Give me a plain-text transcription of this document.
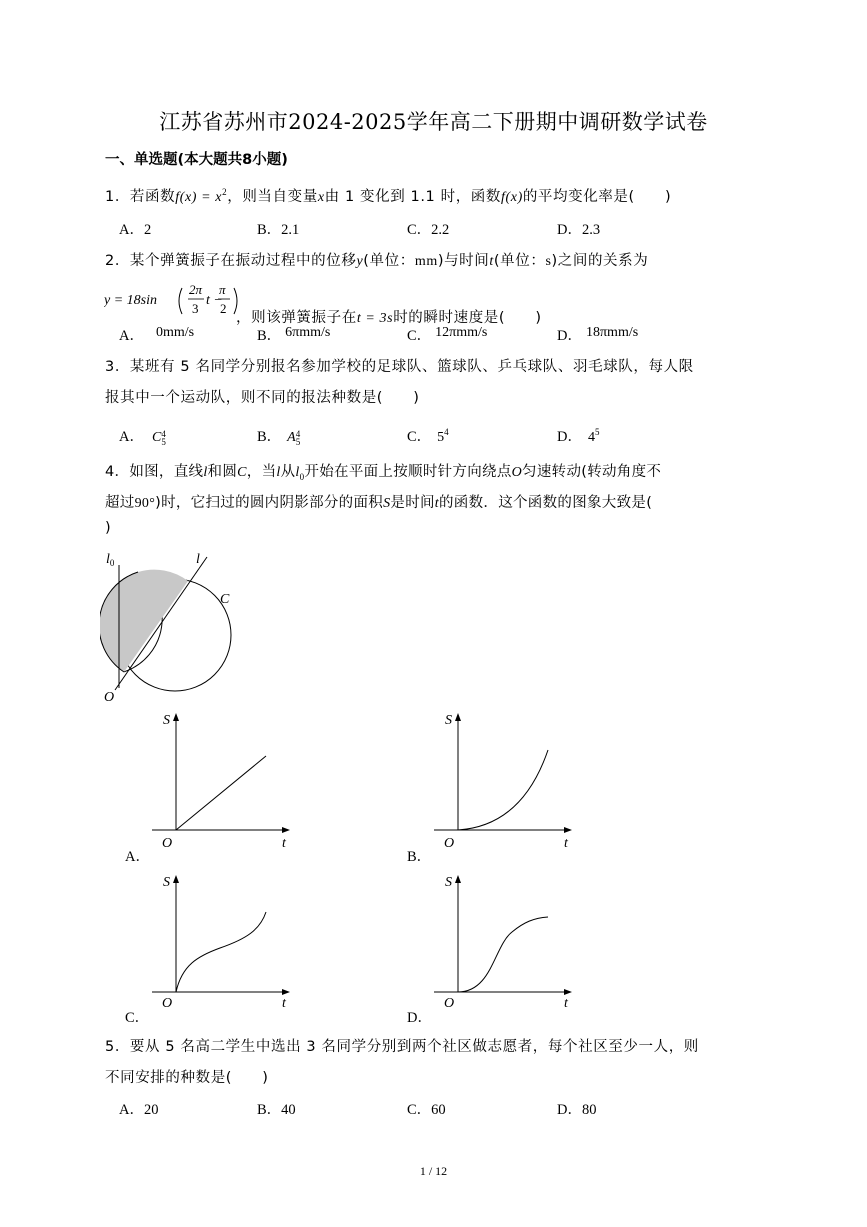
江苏省苏州市2024-2025学年高二下册期中调研数学试卷
一、单选题(本大题共8小题)
1．若函数$f(x) = x^2$，则当自变量x由 1 变化到 1.1 时，函数f(x)的平均变化率是(　　)
A．2	B．2.1	C．2.2	D．2.3
2．某个弹簧振子在振动过程中的位移y(单位：mm)与时间t(单位：s)之间的关系为
y = 18sin
2π
3
t −
π
2
，则该弹簧振子在t = 3s时的瞬时速度是(　　)
A． 0mm/s	B． 6πmm/s	C． 12πmm/s	D． 18πmm/s
3．某班有 5 名同学分别报名参加学校的足球队、篮球队、乒乓球队、羽毛球队，每人限
报其中一个运动队，则不同的报法种数是(　　)
A． C 4
5	B． A 4
5	C． $5^4$	D． $4^5$
4．如图，直线l和圆C，当l从$l_0$开始在平面上按顺时针方向绕点O匀速转动(转动角度不
超过90°)时，它扫过的圆内阴影部分的面积S是时间t的函数．这个函数的图象大致是(
)
$l_0$	l
C
O
A．
S
t
O
B．
S
t
O
C．
S
t
O
D．
S
t
O
5．要从 5 名高二学生中选出 3 名同学分别到两个社区做志愿者，每个社区至少一人，则
不同安排的种数是(　　)
A．20	B．40	C．60	D．80
1 / 12
